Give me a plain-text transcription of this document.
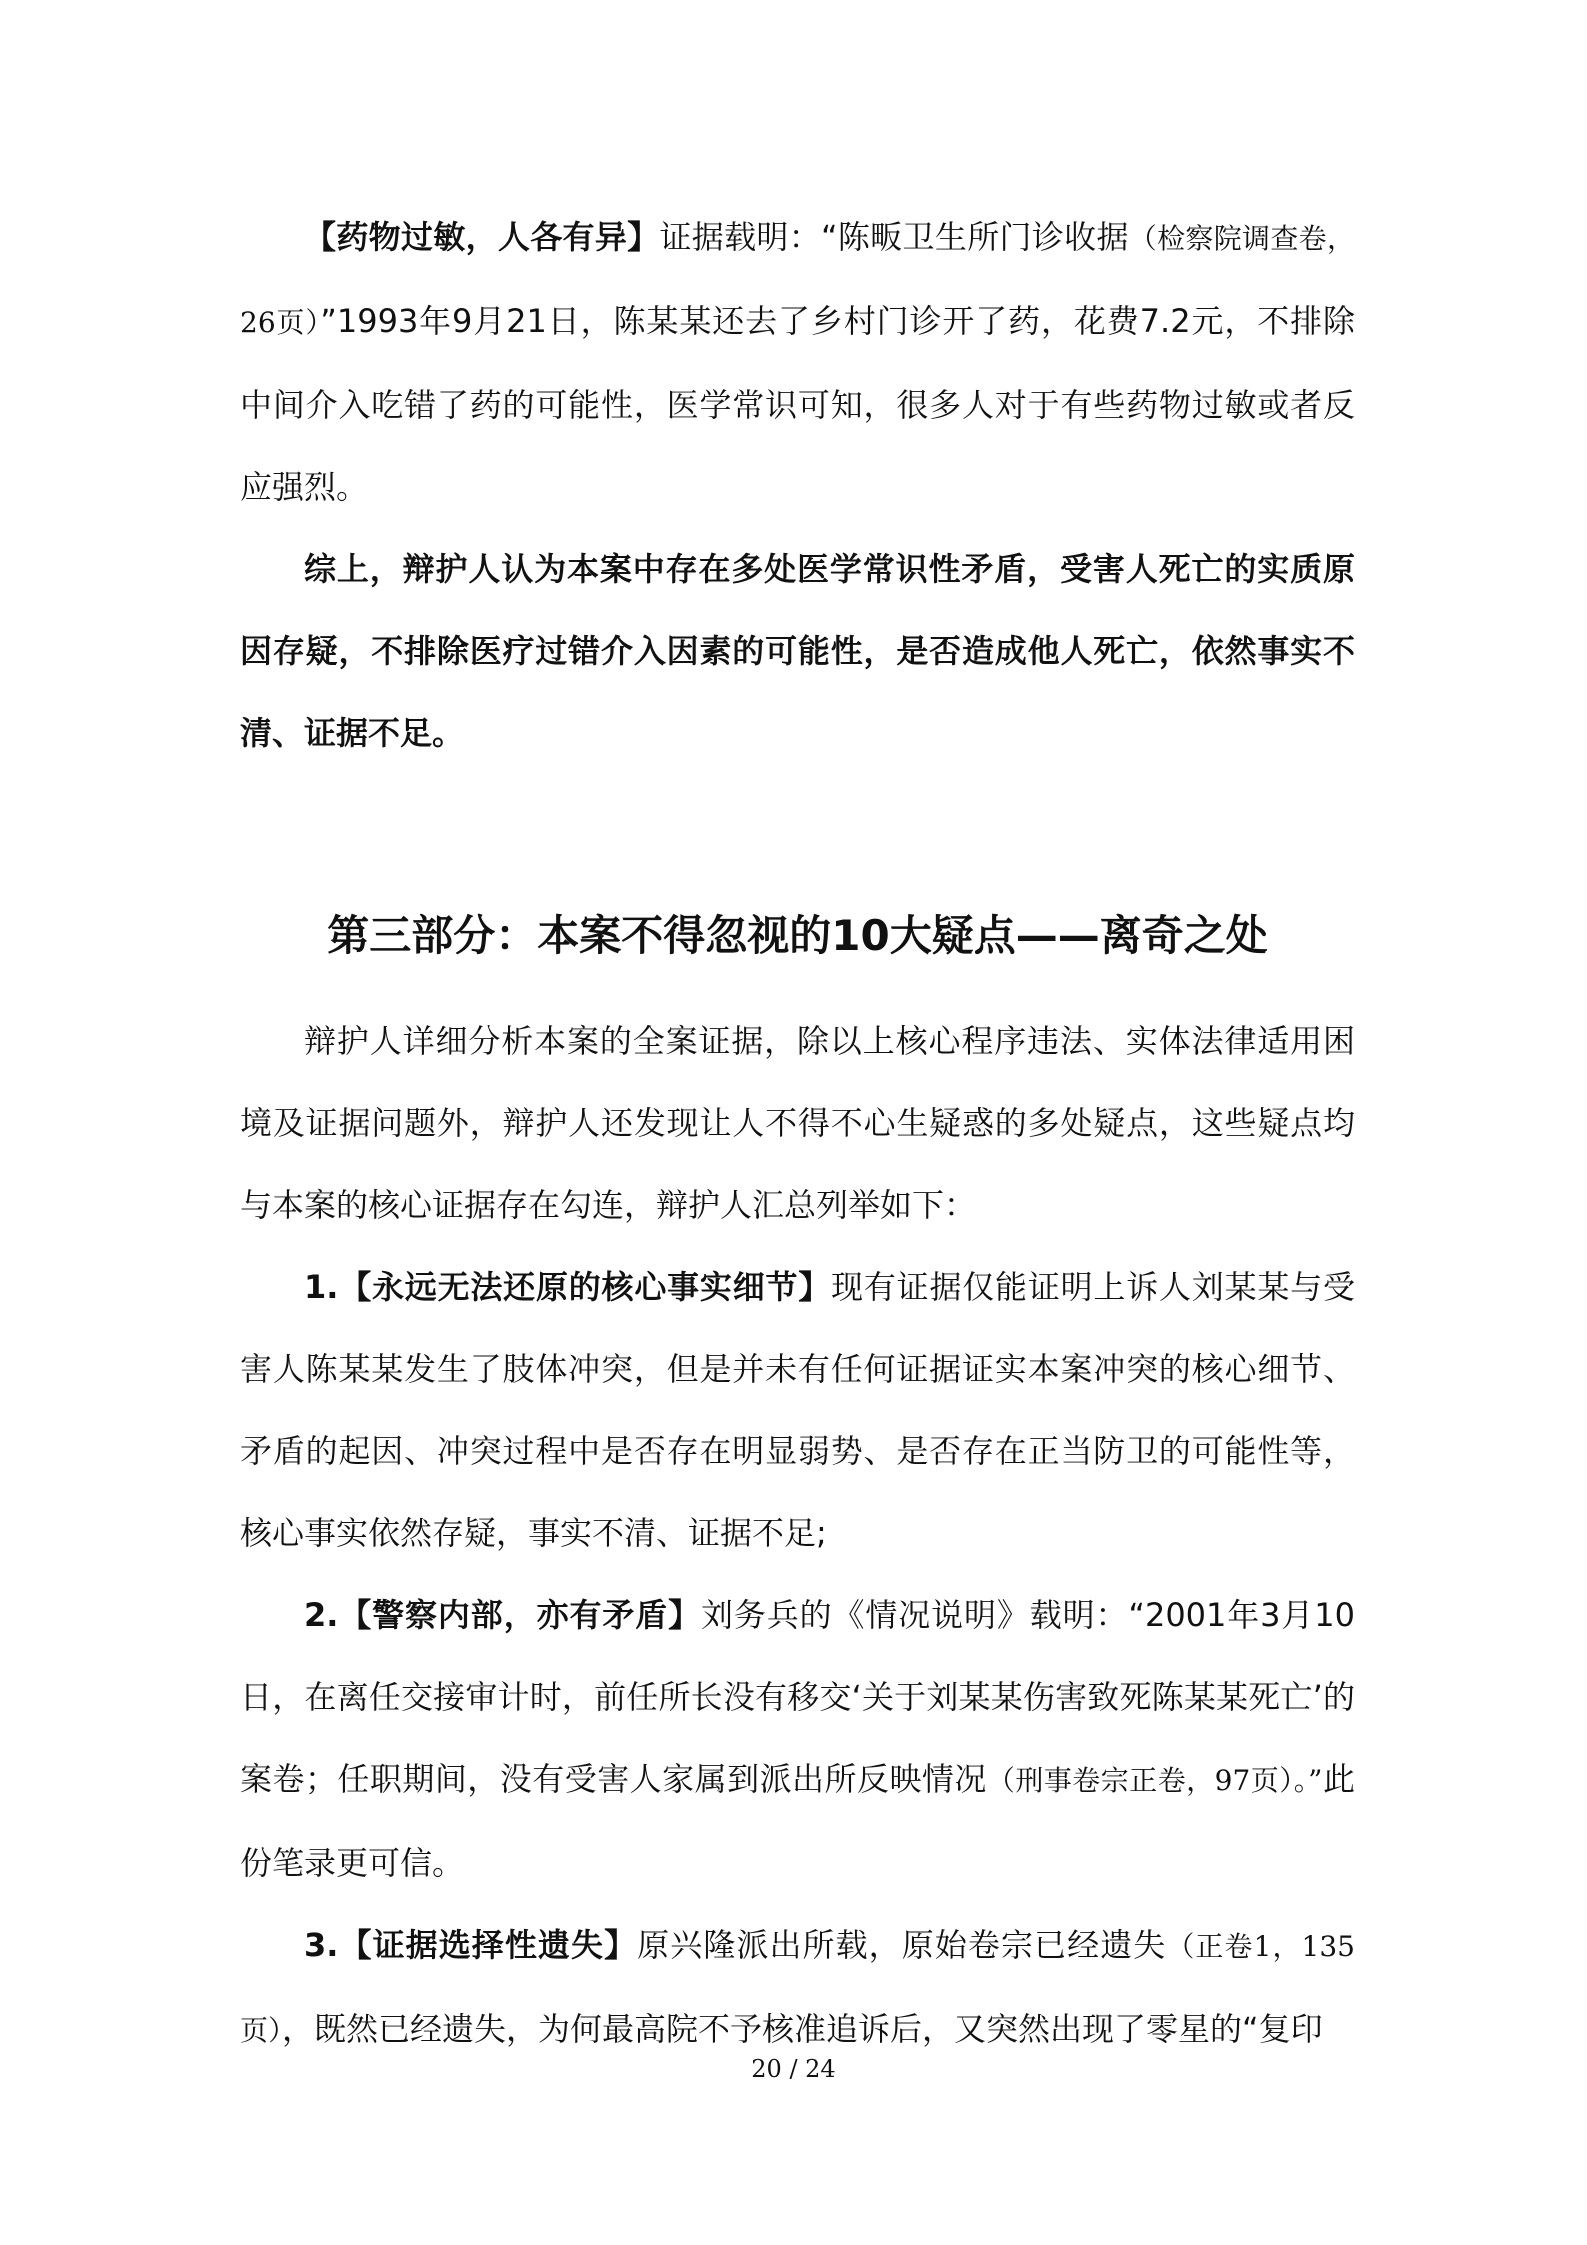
【药物过敏，人各有异】证据载明：“陈畈卫生所门诊收据（检察院调查卷，26页）”1993年9月21日，陈某某还去了乡村门诊开了药，花费7.2元，不排除中间介入吃错了药的可能性，医学常识可知，很多人对于有些药物过敏或者反应强烈。

综上，辩护人认为本案中存在多处医学常识性矛盾，受害人死亡的实质原因存疑，不排除医疗过错介入因素的可能性，是否造成他人死亡，依然事实不清、证据不足。

第三部分：本案不得忽视的10大疑点——离奇之处

辩护人详细分析本案的全案证据，除以上核心程序违法、实体法律适用困境及证据问题外，辩护人还发现让人不得不心生疑惑的多处疑点，这些疑点均与本案的核心证据存在勾连，辩护人汇总列举如下：

1.【永远无法还原的核心事实细节】现有证据仅能证明上诉人刘某某与受害人陈某某发生了肢体冲突，但是并未有任何证据证实本案冲突的核心细节、矛盾的起因、冲突过程中是否存在明显弱势、是否存在正当防卫的可能性等，核心事实依然存疑，事实不清、证据不足;

2.【警察内部，亦有矛盾】刘务兵的《情况说明》载明：“2001年3月10日，在离任交接审计时，前任所长没有移交‘关于刘某某伤害致死陈某某死亡’的案卷；任职期间，没有受害人家属到派出所反映情况（刑事卷宗正卷，97页）。”此份笔录更可信。

3.【证据选择性遗失】原兴隆派出所载，原始卷宗已经遗失（正卷1，135页），既然已经遗失，为何最高院不予核准追诉后，又突然出现了零星的“复印

20 / 24
